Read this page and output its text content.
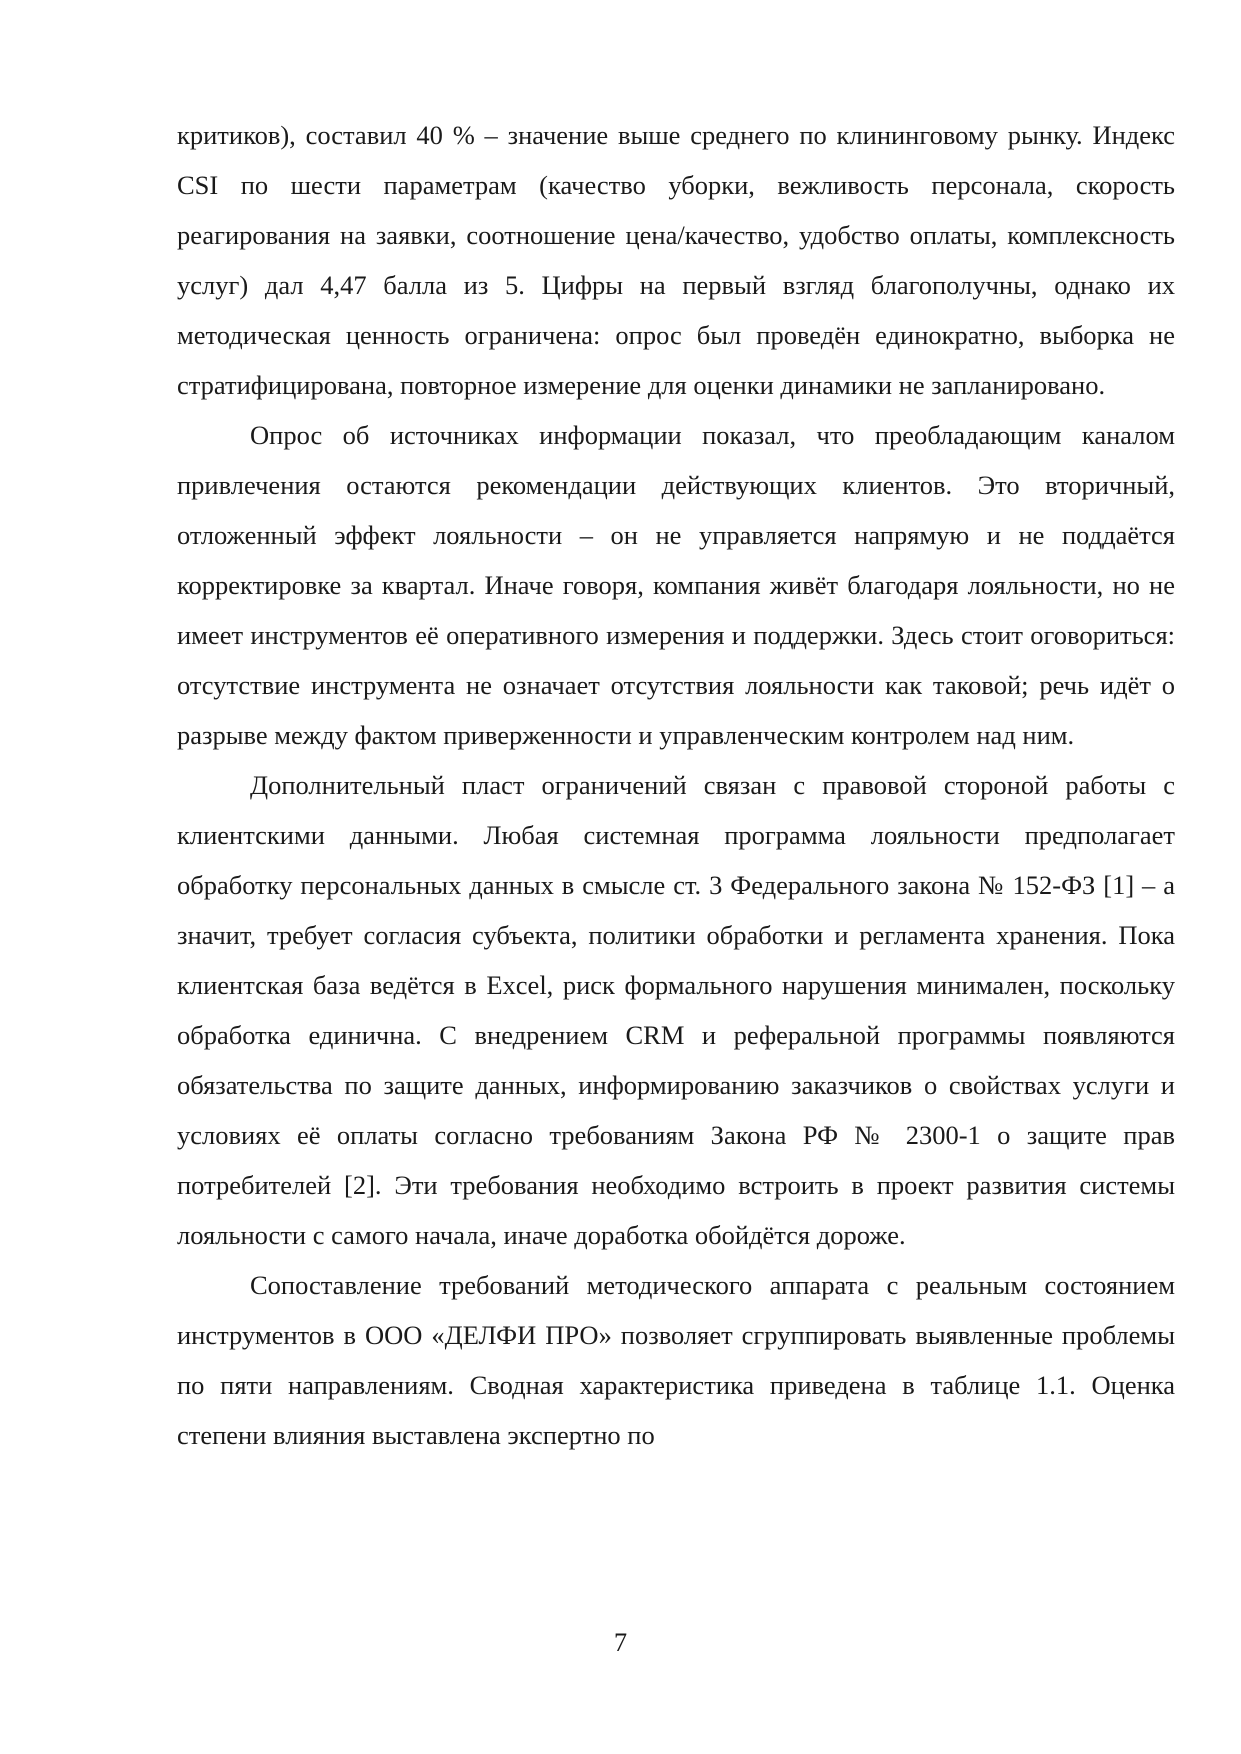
критиков), составил 40 % – значение выше среднего по клининговому рынку. Индекс CSI по шести параметрам (качество уборки, вежливость персонала, скорость реагирования на заявки, соотношение цена/качество, удобство оплаты, комплексность услуг) дал 4,47 балла из 5. Цифры на первый взгляд благополучны, однако их методическая ценность ограничена: опрос был проведён единократно, выборка не стратифицирована, повторное измерение для оценки динамики не запланировано.

Опрос об источниках информации показал, что преобладающим каналом привлечения остаются рекомендации действующих клиентов. Это вторичный, отложенный эффект лояльности – он не управляется напрямую и не поддаётся корректировке за квартал. Иначе говоря, компания живёт благодаря лояльности, но не имеет инструментов её оперативного измерения и поддержки. Здесь стоит оговориться: отсутствие инструмента не означает отсутствия лояльности как таковой; речь идёт о разрыве между фактом приверженности и управленческим контролем над ним.

Дополнительный пласт ограничений связан с правовой стороной работы с клиентскими данными. Любая системная программа лояльности предполагает обработку персональных данных в смысле ст. 3 Федерального закона № 152-ФЗ [1] – а значит, требует согласия субъекта, политики обработки и регламента хранения. Пока клиентская база ведётся в Excel, риск формального нарушения минимален, поскольку обработка единична. С внедрением CRM и реферальной программы появляются обязательства по защите данных, информированию заказчиков о свойствах услуги и условиях её оплаты согласно требованиям Закона РФ № 2300-1 о защите прав потребителей [2]. Эти требования необходимо встроить в проект развития системы лояльности с самого начала, иначе доработка обойдётся дороже.

Сопоставление требований методического аппарата с реальным состоянием инструментов в ООО «ДЕЛФИ ПРО» позволяет сгруппировать выявленные проблемы по пяти направлениям. Сводная характеристика приведена в таблице 1.1. Оценка степени влияния выставлена экспертно по

7
